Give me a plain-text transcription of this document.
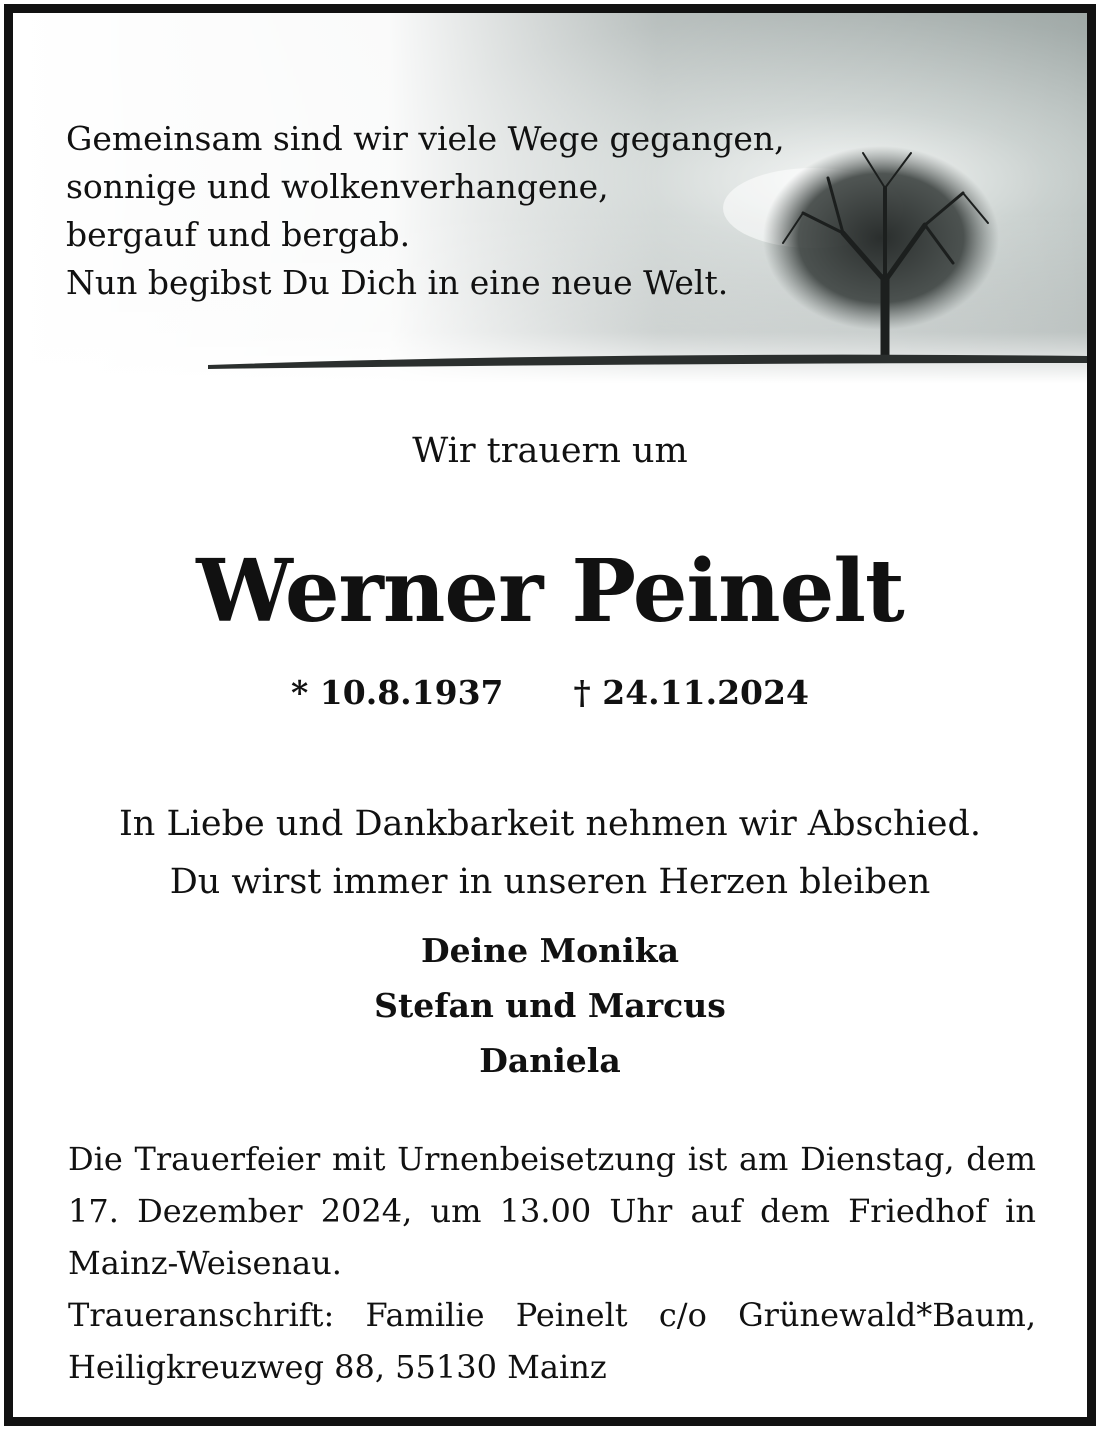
Gemeinsam sind wir viele Wege gegangen,
sonnige und wolkenverhangene,
bergauf und bergab.
Nun begibst Du Dich in eine neue Welt.
Wir trauern um
Werner Peinelt
* 10.8.1937 † 24.11.2024
In Liebe und Dankbarkeit nehmen wir Abschied.
Du wirst immer in unseren Herzen bleiben
Deine Monika
Stefan und Marcus
Daniela
Die Trauerfeier mit Urnenbeisetzung ist am Dienstag, dem
17. Dezember 2024, um 13.00 Uhr auf dem Friedhof in
Mainz-Weisenau.
Traueranschrift: Familie Peinelt c/o Grünewald*Baum,
Heiligkreuzweg 88, 55130 Mainz
